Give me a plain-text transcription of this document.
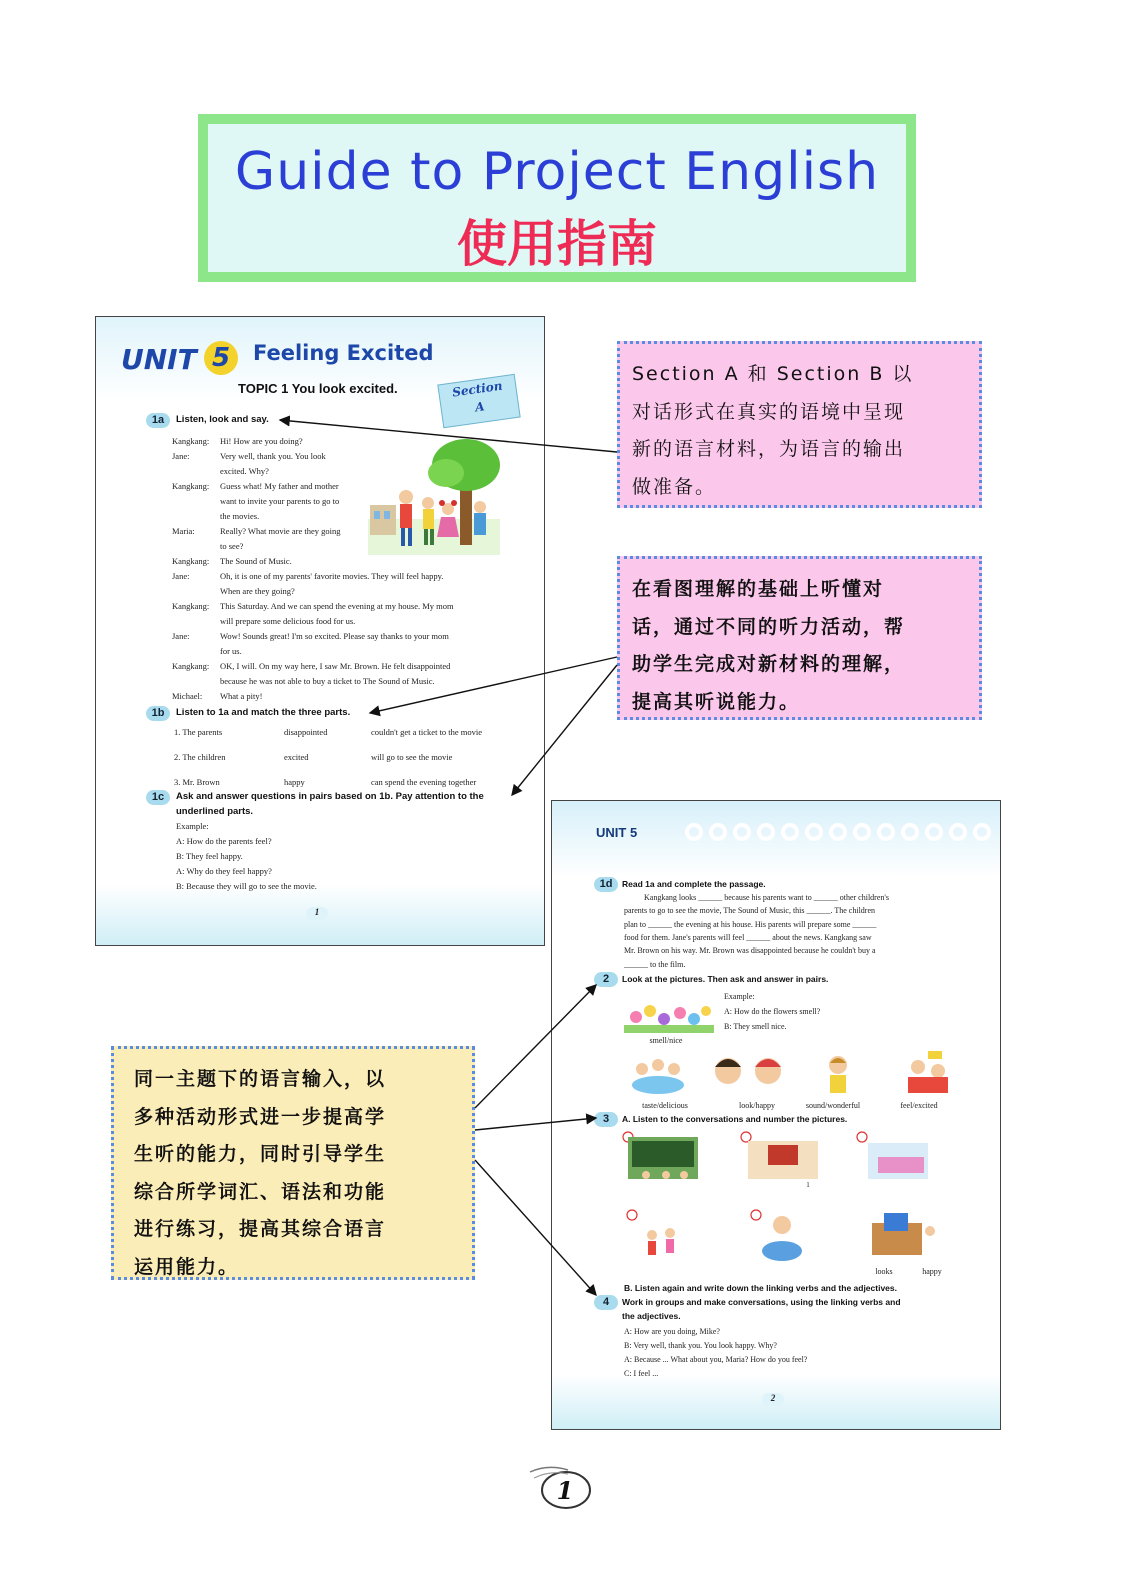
Guide to Project English
使用指南
UNIT 5	Feeling Excited
TOPIC 1 You look excited.	Section
A
1a	Listen, look and say.
Kangkang:	Hi! How are you doing?
Jane:	Very well, thank you. You look
excited. Why?
Kangkang:	Guess what! My father and mother
want to invite your parents to go to
the movies.
Maria:	Really? What movie are they going
to see?
Kangkang:	The Sound of Music.
Jane:	Oh, it is one of my parents' favorite movies. They will feel happy.
When are they going?
Kangkang:	This Saturday. And we can spend the evening at my house. My mom
will prepare some delicious food for us.
Jane:	Wow! Sounds great! I'm so excited. Please say thanks to your mom
for us.
Kangkang:	OK, I will. On my way here, I saw Mr. Brown. He felt disappointed
because he was not able to buy a ticket to The Sound of Music.
Michael:	What a pity!
1b	Listen to 1a and match the three parts.
1. The parents	disappointed	couldn't get a ticket to the movie
2. The children	excited	will go to see the movie
3. Mr. Brown	happy	can spend the evening together
1c	Ask and answer questions in pairs based on 1b. Pay attention to the
underlined parts.
Example:
A: How do the parents feel?
B: They feel happy.
A: Why do they feel happy?
B: Because they will go to see the movie.
1
Section A 和 Section B 以
对话形式在真实的语境中呈现
新的语言材料，为语言的输出
做准备。
在看图理解的基础上听懂对
话，通过不同的听力活动，帮
助学生完成对新材料的理解，
提高其听说能力。
同一主题下的语言输入，以
多种活动形式进一步提高学
生听的能力，同时引导学生
综合所学词汇、语法和功能
进行练习，提高其综合语言
运用能力。
UNIT 5
1d	Read 1a and complete the passage.
Kangkang looks ______ because his parents want to ______ other children's
parents to go to see the movie, The Sound of Music, this ______. The children
plan to ______ the evening at his house. His parents will prepare some ______
food for them. Jane's parents will feel ______ about the news. Kangkang saw
Mr. Brown on his way. Mr. Brown was disappointed because he couldn't buy a
______ to the film.
2	Look at the pictures. Then ask and answer in pairs.
Example:
A: How do the flowers smell?
B: They smell nice.
smell/nice
taste/delicious	look/happy	sound/wonderful	feel/excited
3	A. Listen to the conversations and number the pictures.
1
looks	happy
B. Listen again and write down the linking verbs and the adjectives.
4	Work in groups and make conversations, using the linking verbs and
the adjectives.
A: How are you doing, Mike?
B: Very well, thank you. You look happy. Why?
A: Because ... What about you, Maria? How do you feel?
C: I feel ...
2
1
